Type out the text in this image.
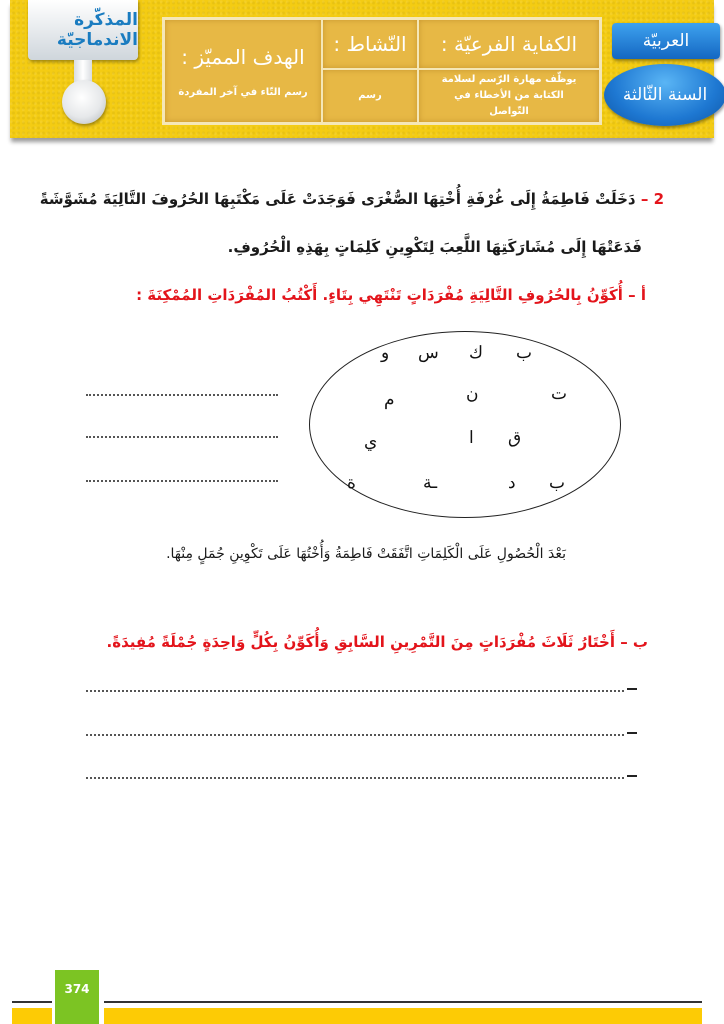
المذكّرة الاندماجيّة
الهدف المميّز :
رسم التّاء في آخر المفردة
النّشاط :	الكفاية الفرعيّة :
رسم
يوظّف مهارة الرّسم لسلامة الكتابة من الأخطاء في التّواصل
العربيّة
السنة الثّالثة
2 – دَخَلَتْ فَاطِمَةُ إِلَى غُرْفَةِ أُخْتِهَا الصُّغْرَى فَوَجَدَتْ عَلَى مَكْتَبِهَا الحُرُوفَ التَّالِيَةَ مُشَوَّشَةً
فَدَعَتْهَا إِلَى مُشَارَكَتِهَا اللَّعِبَ لِتَكْوِينِ كَلِمَاتٍ بِهَذِهِ الْحُرُوفِ.
أ – أُكَوِّنُ بِالحُرُوفِ التَّالِيَةِ مُفْرَدَاتٍ تَنْتَهِي بِتَاءٍ. أَكْتُبُ المُفْرَدَاتِ المُمْكِنَةَ :
ب
ك
س
و
ت
ن
م
ق
ا
ي
ب
د
ـة
ة
بَعْدَ الْحُصُولِ عَلَى الْكَلِمَاتِ اتَّفَقَتْ فَاطِمَةُ وَأُخْتُهَا عَلَى تَكْوِينِ جُمَلٍ مِنْهَا.
ب – أَخْتَارُ ثَلَاثَ مُفْرَدَاتٍ مِنَ التَّمْرِينِ السَّابِقِ وَأُكَوِّنُ بِكُلٍّ وَاحِدَةٍ جُمْلَةً مُفِيدَةً.
374
